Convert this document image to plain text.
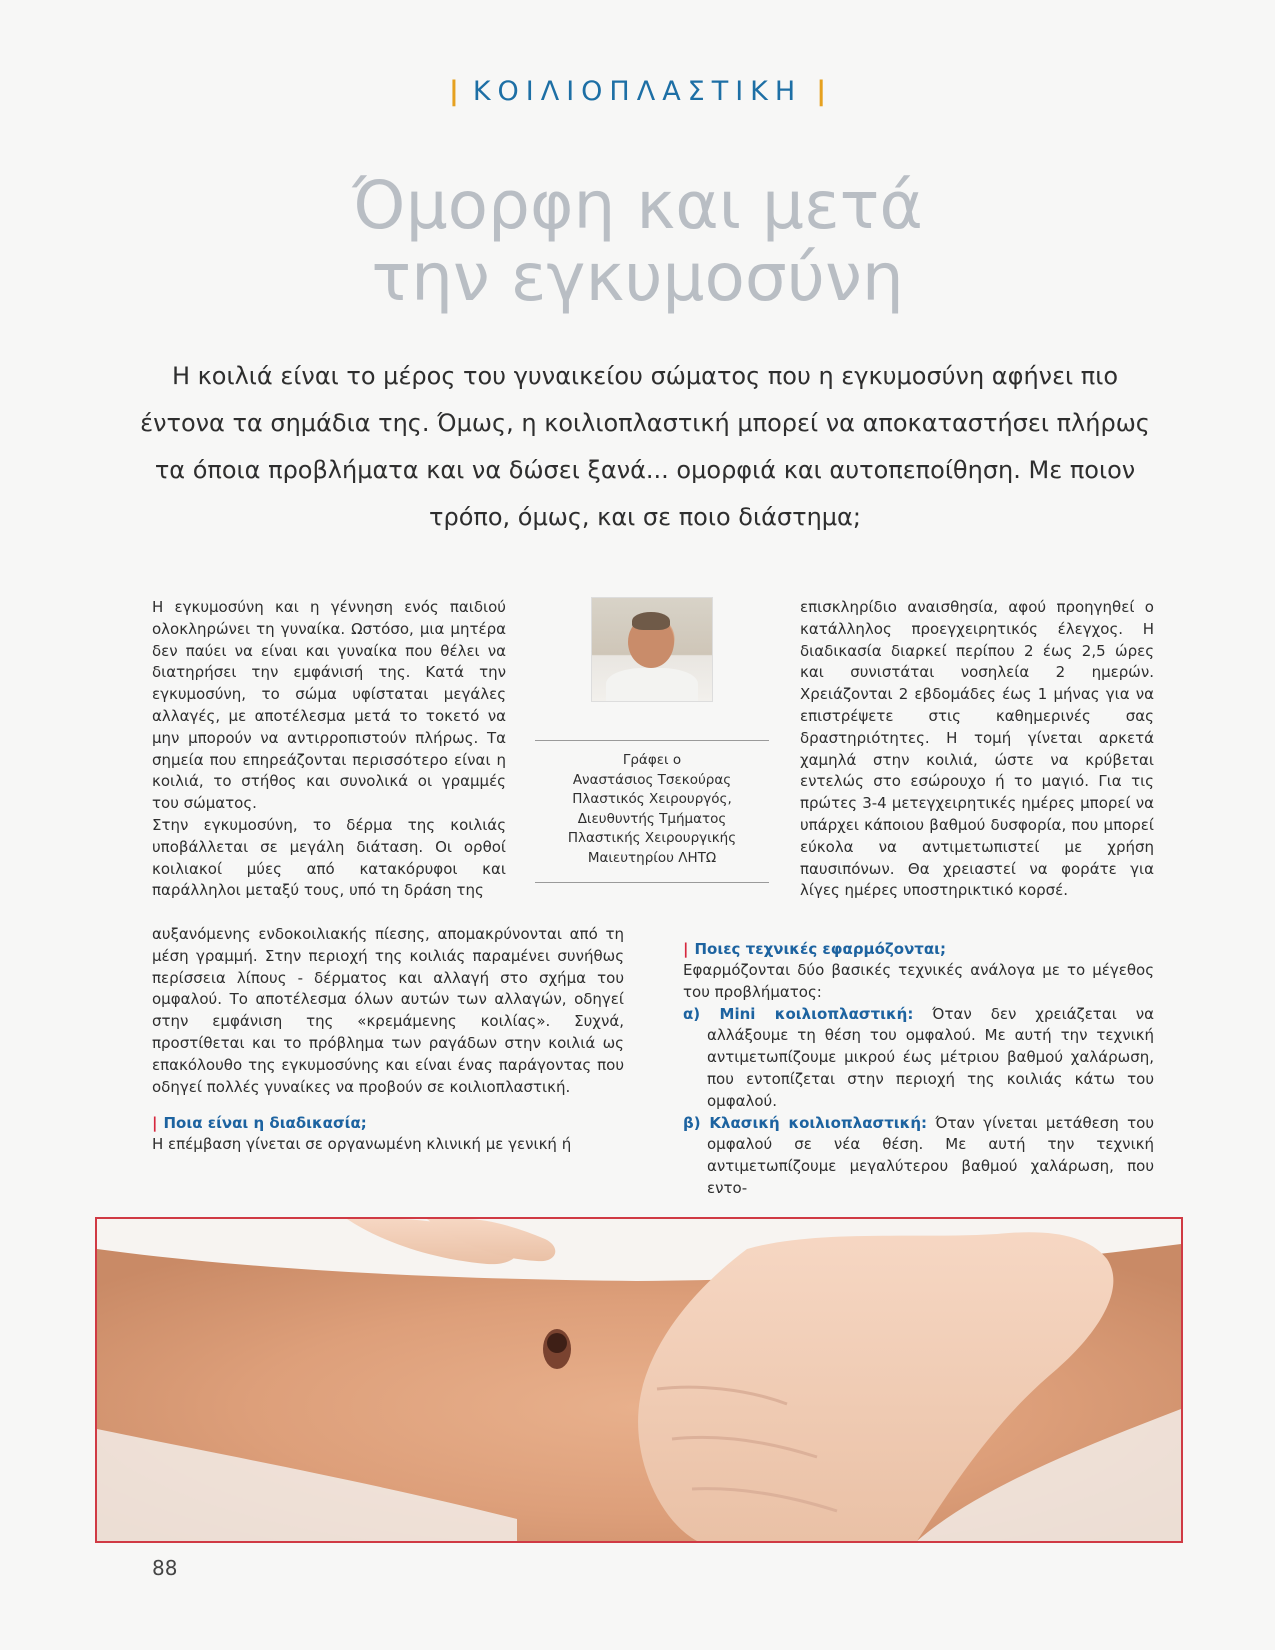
| ΚΟΙΛΙΟΠΛΑΣΤΙΚΗ |
Όμορφη και μετά
την εγκυμοσύνη
Η κοιλιά είναι το μέρος του γυναικείου σώματος που η εγκυμοσύνη αφήνει πιο έντονα τα σημάδια της. Όμως, η κοιλιοπλαστική μπορεί να αποκαταστήσει πλήρως τα όποια προβλήματα και να δώσει ξανά... ομορφιά και αυτοπεποίθηση. Με ποιον τρόπο, όμως, και σε ποιο διάστημα;

Η εγκυμοσύνη και η γέννηση ενός παιδιού ολοκληρώνει τη γυναίκα. Ωστόσο, μια μητέρα δεν παύει να είναι και γυναίκα που θέλει να διατηρήσει την εμφάνισή της. Κατά την εγκυμοσύνη, το σώμα υφίσταται μεγάλες αλλαγές, με αποτέλεσμα μετά το τοκετό να μην μπορούν να αντιρροπιστούν πλήρως. Τα σημεία που επηρεάζονται περισσότερο είναι η κοιλιά, το στήθος και συνολικά οι γραμμές του σώματος.

Στην εγκυμοσύνη, το δέρμα της κοιλιάς υποβάλλεται σε μεγάλη διάταση. Οι ορθοί κοιλιακοί μύες από κατακόρυφοι και παράλληλοι μεταξύ τους, υπό τη δράση της

αυξανόμενης ενδοκοιλιακής πίεσης, απομακρύνονται από τη μέση γραμμή. Στην περιοχή της κοιλιάς παραμένει συνήθως περίσσεια λίπους - δέρματος και αλλαγή στο σχήμα του ομφαλού. Το αποτέλεσμα όλων αυτών των αλλαγών, οδηγεί στην εμφάνιση της «κρεμάμενης κοιλίας». Συχνά, προστίθεται και το πρόβλημα των ραγάδων στην κοιλιά ως επακόλουθο της εγκυμοσύνης και είναι ένας παράγοντας που οδηγεί πολλές γυναίκες να προβούν σε κοιλιοπλαστική.

| Ποια είναι η διαδικασία;

Η επέμβαση γίνεται σε οργανωμένη κλινική με γενική ή

Γράφει ο
Αναστάσιος Τσεκούρας
Πλαστικός Χειρουργός,
Διευθυντής Τμήματος
Πλαστικής Χειρουργικής
Μαιευτηρίου ΛΗΤΩ

επισκληρίδιο αναισθησία, αφού προηγηθεί ο κατάλληλος προεγχειρητικός έλεγχος. Η διαδικασία διαρκεί περίπου 2 έως 2,5 ώρες και συνιστάται νοσηλεία 2 ημερών. Χρειάζονται 2 εβδομάδες έως 1 μήνας για να επιστρέψετε στις καθημερινές σας δραστηριότητες. Η τομή γίνεται αρκετά χαμηλά στην κοιλιά, ώστε να κρύβεται εντελώς στο εσώρουχο ή το μαγιό. Για τις πρώτες 3-4 μετεγχειρητικές ημέρες μπορεί να υπάρχει κάποιου βαθμού δυσφορία, που μπορεί εύκολα να αντιμετωπιστεί με χρήση παυσιπόνων. Θα χρειαστεί να φοράτε για λίγες ημέρες υποστηρικτικό κορσέ.

| Ποιες τεχνικές εφαρμόζονται;

Εφαρμόζονται δύο βασικές τεχνικές ανάλογα με το μέγεθος του προβλήματος:

α) Mini κοιλιοπλαστική: Όταν δεν χρειάζεται να αλλάξουμε τη θέση του ομφαλού. Με αυτή την τεχνική αντιμετωπίζουμε μικρού έως μέτριου βαθμού χαλάρωση, που εντοπίζεται στην περιοχή της κοιλιάς κάτω του ομφαλού.

β) Κλασική κοιλιοπλαστική: Όταν γίνεται μετάθεση του ομφαλού σε νέα θέση. Με αυτή την τεχνική αντιμετωπίζουμε μεγαλύτερου βαθμού χαλάρωση, που εντο-

88
